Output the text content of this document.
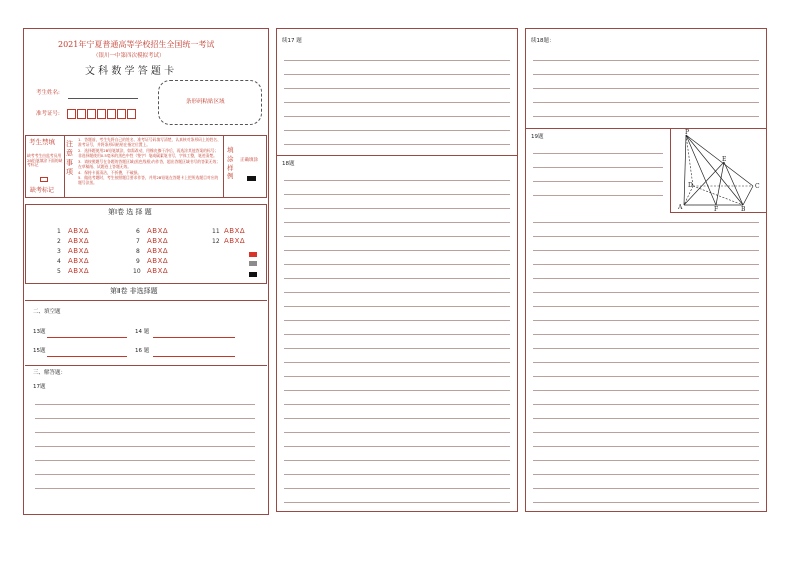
2021年宁夏普通高等学校招生全国统一考试
（银川一中第四次模拟考试）
文 科 数 学 答 题 卡
考生姓名:
准考证号:
条形码粘贴区域
考生禁填
缺考考生由监考员用2B铅笔填涂下面的缺考标记
缺考标记
注意事项
1．答题前，考生先将自己的姓名、准考证号码填写清楚，认真核对条形码上的姓名、准考证号，并将条形码粘贴在指定位置上。
2．选择题使用2B铅笔填涂，如需改动，用橡皮擦干净后，再选涂其他答案的标号；非选择题使用0.5毫米的黑色中性（签字）笔或碳素笔书写，字体工整，笔迹清楚。
3．请按照题号在各题的答题区域(黑色线框)内作答，超出答题区域书写的答案无效；在草稿纸、试题卷上答题无效。
4．保持卡面清洁，不折叠，不破损。
5．做选考题时，考生按照题目要求作答，并用2B铅笔在答题卡上把所选题目对应的题号涂黑。
填涂样例
正确填涂
第Ⅰ卷 选 择 题
1 ABXΔ
2 ABXΔ
3 ABXΔ
4 ABXΔ
5 ABXΔ
6 ABXΔ
7 ABXΔ
8 ABXΔ
9 ABXΔ
10 ABXΔ
11 ABXΔ
12 ABXΔ
第Ⅱ卷 非选择题
二、填空题
13题	14 题
15题	16 题
三、解答题：
17题
续17 题
18题
续18题：
19题
P
E
D	C
A	F	B
